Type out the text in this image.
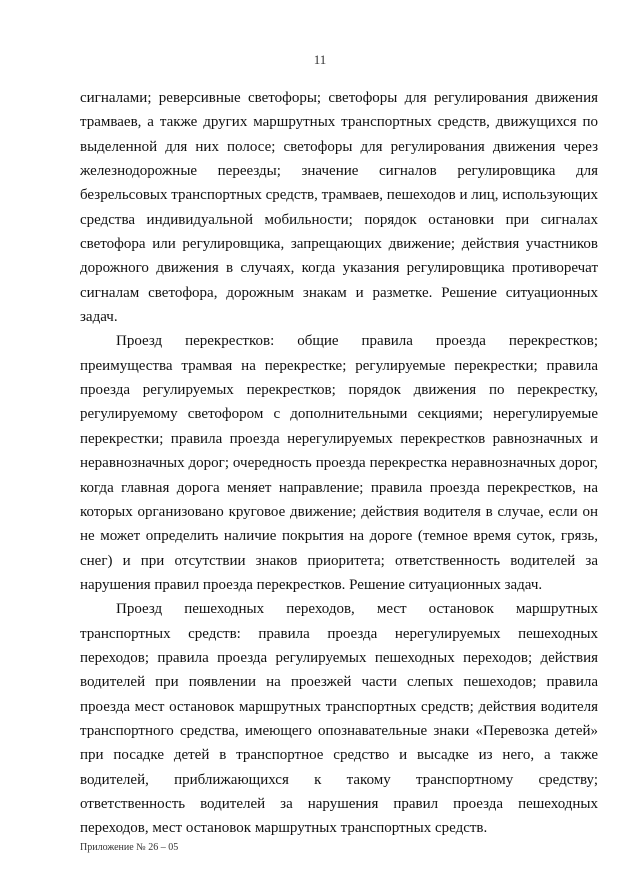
11

сигналами; реверсивные светофоры; светофоры для регулирования движения трамваев, а также других маршрутных транспортных средств, движущихся по выделенной для них полосе; светофоры для регулирования движения через железнодорожные переезды; значение сигналов регулировщика для безрельсовых транспортных средств, трамваев, пешеходов и лиц, использующих средства индивидуальной мобильности; порядок остановки при сигналах светофора или регулировщика, запрещающих движение; действия участников дорожного движения в случаях, когда указания регулировщика противоречат сигналам светофора, дорожным знакам и разметке. Решение ситуационных задач.

Проезд перекрестков: общие правила проезда перекрестков; преимущества трамвая на перекрестке; регулируемые перекрестки; правила проезда регулируемых перекрестков; порядок движения по перекрестку, регулируемому светофором с дополнительными секциями; нерегулируемые перекрестки; правила проезда нерегулируемых перекрестков равнозначных и неравнозначных дорог; очередность проезда перекрестка неравнозначных дорог, когда главная дорога меняет направление; правила проезда перекрестков, на которых организовано круговое движение; действия водителя в случае, если он не может определить наличие покрытия на дороге (темное время суток, грязь, снег) и при отсутствии знаков приоритета; ответственность водителей за нарушения правил проезда перекрестков. Решение ситуационных задач.

Проезд пешеходных переходов, мест остановок маршрутных транспортных средств: правила проезда нерегулируемых пешеходных переходов; правила проезда регулируемых пешеходных переходов; действия водителей при появлении на проезжей части слепых пешеходов; правила проезда мест остановок маршрутных транспортных средств; действия водителя транспортного средства, имеющего опознавательные знаки «Перевозка детей» при посадке детей в транспортное средство и высадке из него, а также водителей, приближающихся к такому транспортному средству; ответственность водителей за нарушения правил проезда пешеходных переходов, мест остановок маршрутных транспортных средств.

Приложение № 26 – 05
